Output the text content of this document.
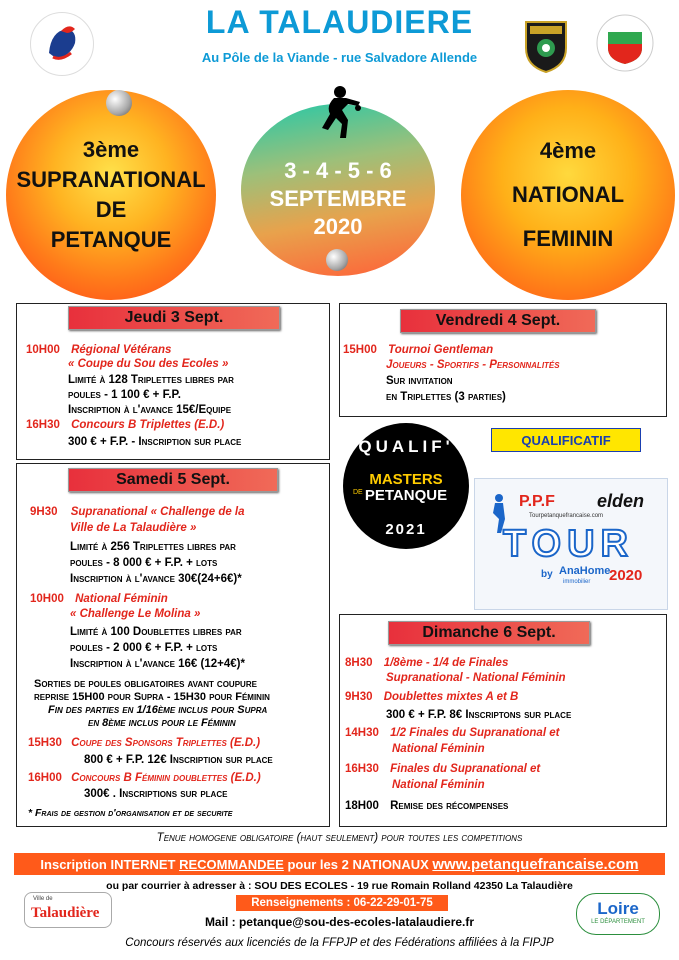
LA TALAUDIERE
Au Pôle de la Viande - rue Salvadore Allende
3ème
SUPRANATIONAL
DE
PETANQUE
3 - 4 - 5 - 6
SEPTEMBRE
2020
4ème
NATIONAL
FEMININ
Jeudi 3 Sept.
10H00 Régional Vétérans
« Coupe du Sou des Ecoles »
Limité à 128 Triplettes libres par
poules - 1 100 € + F.P.
Inscription à l'avance 15€/Equipe
16H30 Concours B Triplettes (E.D.)
300 € + F.P. - Inscription sur place
Vendredi 4 Sept.
15H00 Tournoi Gentleman
Joueurs - Sportifs - Personnalités
Sur invitation
en Triplettes (3 parties)
QUALIFICATIF
QUALIF'
MASTERS
DE PETANQUE
2021
P.P.F elden
Tourpetanquefrancaise.com
TOUR
by AnaHome
immobilier 2020
Samedi 5 Sept.
9H30 Supranational « Challenge de la
Ville de La Talaudière »
Limité à 256 Triplettes libres par
poules - 8 000 € + F.P. + lots
Inscription à l'avance 30€(24+6€)*
10H00 National Féminin
« Challenge Le Molina »
Limité à 100 Doublettes libres par
poules - 2 000 € + F.P. + lots
Inscription à l'avance 16€ (12+4€)*
Sorties de poules obligatoires avant coupure
reprise 15H00 pour Supra - 15H30 pour Féminin
Fin des parties en 1/16ème inclus pour Supra
en 8ème inclus pour le Féminin
15H30 Coupe des Sponsors Triplettes (E.D.)
800 € + F.P. 12€ Inscription sur place
16H00 Concours B Féminin doublettes (E.D.)
300€ . Inscriptions sur place
* Frais de gestion d'organisation et de securite
Dimanche 6 Sept.
8H30 1/8ème - 1/4 de Finales
Supranational - National Féminin
9H30 Doublettes mixtes A et B
300 € + F.P. 8€ Inscriptons sur place
14H30 1/2 Finales du Supranational et
National Féminin
16H30 Finales du Supranational et
National Féminin
18H00 Remise des récompenses
Tenue homogene obligatoire (haut seulement) pour toutes les competitions
Inscription INTERNET RECOMMANDEE pour les 2 NATIONAUX www.petanquefrancaise.com
ou par courrier à adresser à : SOU DES ECOLES - 19 rue Romain Rolland 42350 La Talaudière
Renseignements : 06-22-29-01-75
Mail : petanque@sou-des-ecoles-latalaudiere.fr
Concours réservés aux licenciés de la FFPJP et des Fédérations affiliées à la FIPJP
Ville de
Talaudière	Loire
LE DÉPARTEMENT
